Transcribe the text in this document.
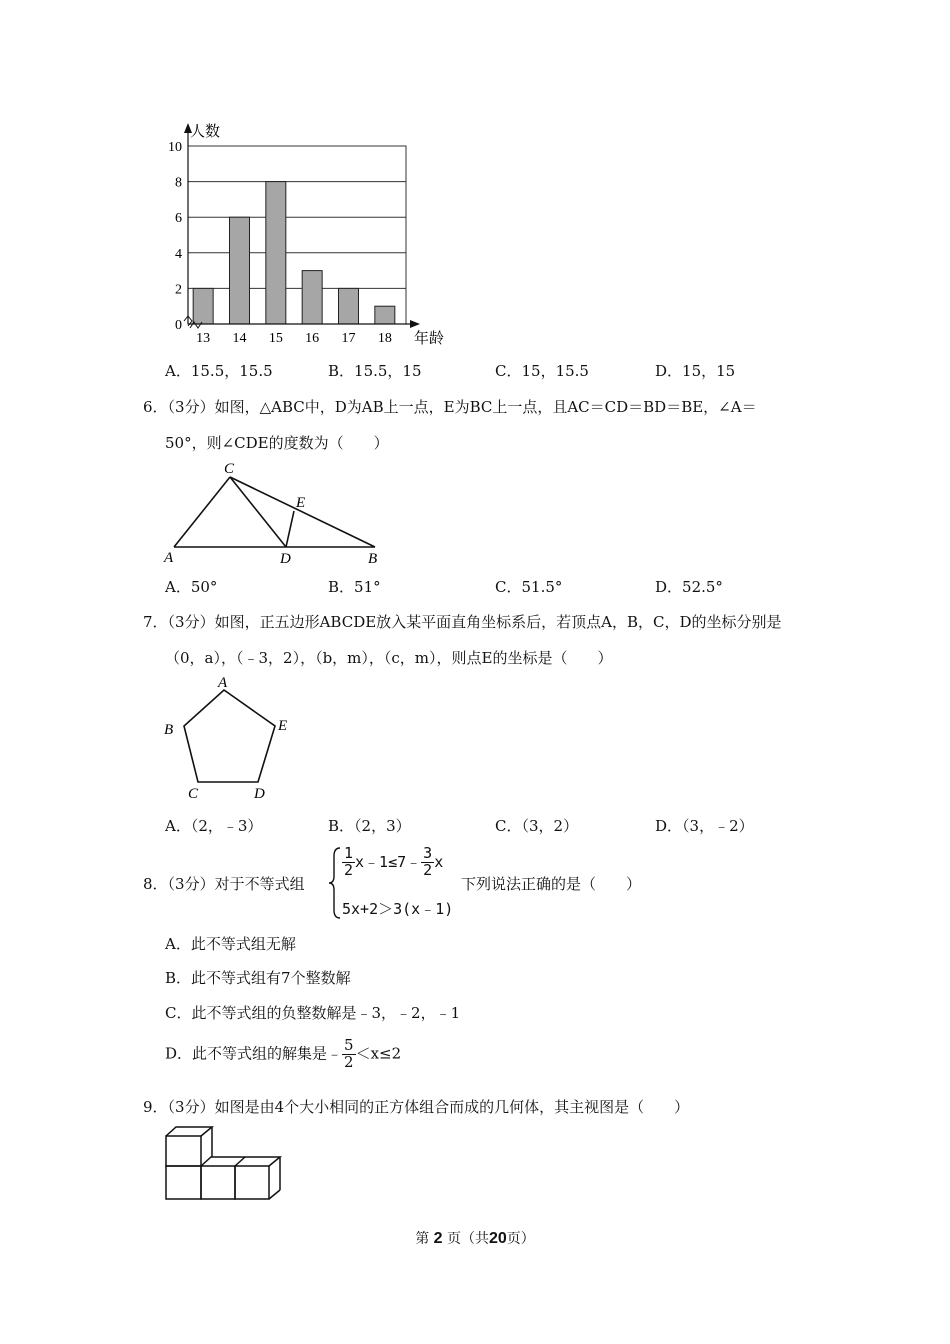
0
2
4
6
8
10
13 14 15 16 17 18
人数
年龄
A．15.5，15.5	B．15.5，15	C．15，15.5	D．15，15
6．（3分）如图，△ABC中，D为AB上一点，E为BC上一点，且AC＝CD＝BD＝BE，∠A＝
50°，则∠CDE的度数为（　　）
A
C
D	B
E
A．50°	B．51°	C．51.5°	D．52.5°
7．（3分）如图，正五边形ABCDE放入某平面直角坐标系后，若顶点A，B，C，D的坐标分别是
（0，a），（﹣3，2），（b，m），（c，m），则点E的坐标是（　　）
A
B
C	D
E
A．（2，﹣3）	B．（2，3）	C．（3，2）	D．（3，﹣2）
8．（3分）对于不等式组
$\frac{1}{2}$ x﹣1≤7﹣ $\frac{3}{2}$ x
5x+2＞3(x﹣1)
下列说法正确的是（　　）
A．此不等式组无解
B．此不等式组有7个整数解
C．此不等式组的负整数解是﹣3，﹣2，﹣1
D．此不等式组的解集是﹣ $\frac{5}{2} <x\le 2$
9．（3分）如图是由4个大小相同的正方体组合而成的几何体，其主视图是（　　）
第 2 页（共20页）
